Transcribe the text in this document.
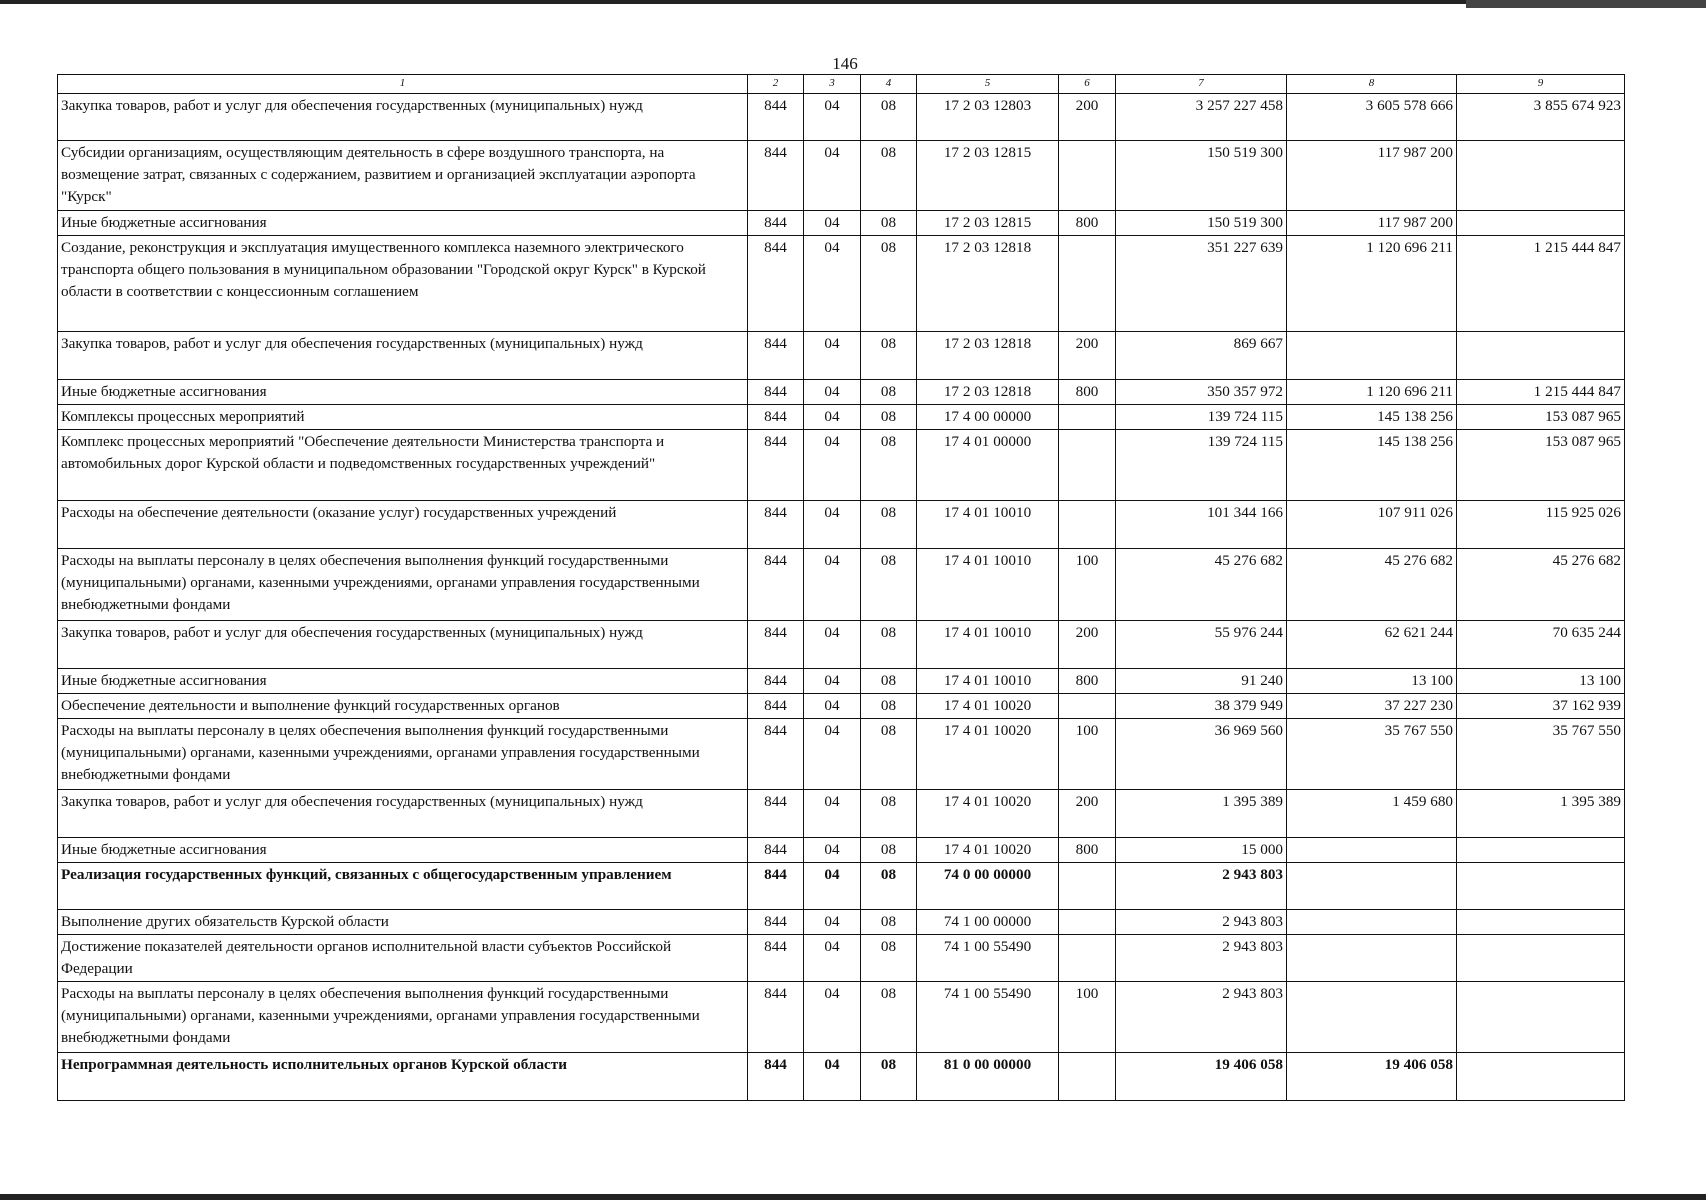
146
1	2	3	4	5	6	7	8	9
Закупка товаров, работ и услуг для обеспечения государственных (муниципальных) нужд	844	04	08	17 2 03 12803	200	3 257 227 458	3 605 578 666	3 855 674 923
Субсидии организациям, осуществляющим деятельность в сфере воздушного транспорта, на возмещение затрат, связанных с содержанием, развитием и организацией эксплуатации аэропорта "Курск"	844	04	08	17 2 03 12815		150 519 300	117 987 200	
Иные бюджетные ассигнования	844	04	08	17 2 03 12815	800	150 519 300	117 987 200	
Создание, реконструкция и эксплуатация имущественного комплекса наземного электрического транспорта общего пользования в муниципальном образовании "Городской округ Курск" в Курской области в соответствии с концессионным соглашением	844	04	08	17 2 03 12818		351 227 639	1 120 696 211	1 215 444 847
Закупка товаров, работ и услуг для обеспечения государственных (муниципальных) нужд	844	04	08	17 2 03 12818	200	869 667		
Иные бюджетные ассигнования	844	04	08	17 2 03 12818	800	350 357 972	1 120 696 211	1 215 444 847
Комплексы процессных мероприятий	844	04	08	17 4 00 00000		139 724 115	145 138 256	153 087 965
Комплекс процессных мероприятий "Обеспечение деятельности Министерства транспорта и автомобильных дорог Курской области и подведомственных государственных учреждений"	844	04	08	17 4 01 00000		139 724 115	145 138 256	153 087 965
Расходы на обеспечение деятельности (оказание услуг) государственных учреждений	844	04	08	17 4 01 10010		101 344 166	107 911 026	115 925 026
Расходы на выплаты персоналу в целях обеспечения выполнения функций государственными (муниципальными) органами, казенными учреждениями, органами управления государственными внебюджетными фондами	844	04	08	17 4 01 10010	100	45 276 682	45 276 682	45 276 682
Закупка товаров, работ и услуг для обеспечения государственных (муниципальных) нужд	844	04	08	17 4 01 10010	200	55 976 244	62 621 244	70 635 244
Иные бюджетные ассигнования	844	04	08	17 4 01 10010	800	91 240	13 100	13 100
Обеспечение деятельности и выполнение функций государственных органов	844	04	08	17 4 01 10020		38 379 949	37 227 230	37 162 939
Расходы на выплаты персоналу в целях обеспечения выполнения функций государственными (муниципальными) органами, казенными учреждениями, органами управления государственными внебюджетными фондами	844	04	08	17 4 01 10020	100	36 969 560	35 767 550	35 767 550
Закупка товаров, работ и услуг для обеспечения государственных (муниципальных) нужд	844	04	08	17 4 01 10020	200	1 395 389	1 459 680	1 395 389
Иные бюджетные ассигнования	844	04	08	17 4 01 10020	800	15 000		
Реализация государственных функций, связанных с общегосударственным управлением	844	04	08	74 0 00 00000		2 943 803		
Выполнение других обязательств Курской области	844	04	08	74 1 00 00000		2 943 803		
Достижение показателей деятельности органов исполнительной власти субъектов Российской Федерации	844	04	08	74 1 00 55490		2 943 803		
Расходы на выплаты персоналу в целях обеспечения выполнения функций государственными (муниципальными) органами, казенными учреждениями, органами управления государственными внебюджетными фондами	844	04	08	74 1 00 55490	100	2 943 803		
Непрограммная деятельность исполнительных органов Курской области	844	04	08	81 0 00 00000		19 406 058	19 406 058	
